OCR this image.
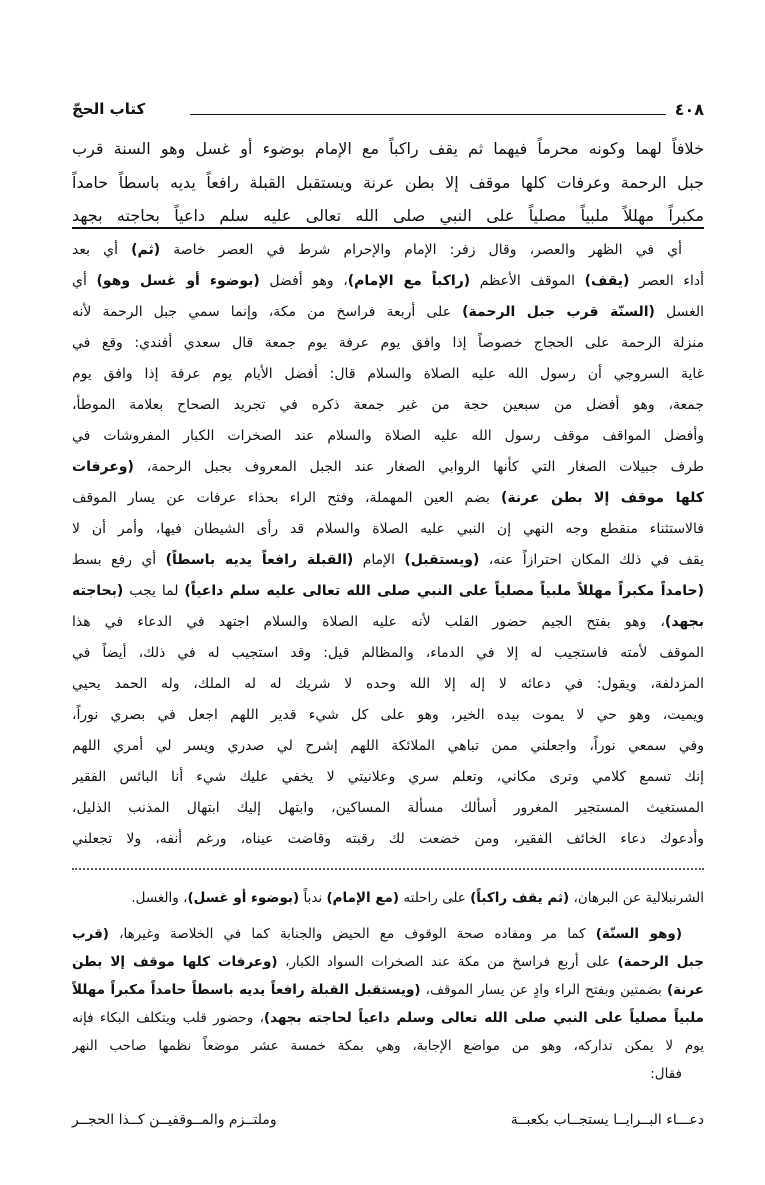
٤٠٨
كتاب الحجّ
خلافاً لهما وكونه محرماً فيهما ثم يقف راكباً مع الإمام بوضوء أو غسل وهو السنة قرب
جبل الرحمة وعرفات كلها موقف إلا بطن عرنة ويستقبل القبلة رافعاً يديه باسطاً حامداً
مكبراً مهللاً ملبياً مصلياً على النبي صلى الله تعالى عليه سلم داعياً بحاجته بجهد
أي في الظهر والعصر، وقال زفر: الإمام والإحرام شرط في العصر خاصة (ثم) أي بعد
أداء العصر (يقف) الموقف الأعظم (راكباً مع الإمام)، وهو أفضل (بوضوء أو غسل وهو) أي
الغسل (السنّة قرب جبل الرحمة) على أربعة فراسخ من مكة، وإنما سمي جبل الرحمة لأنه
منزلة الرحمة على الحجاج خصوصاً إذا وافق يوم عرفة يوم جمعة قال سعدي أفندي: وقع في
غاية السروجي أن رسول الله عليه الصلاة والسلام قال: أفضل الأيام يوم عرفة إذا وافق يوم
جمعة، وهو أفضل من سبعين حجة من غير جمعة ذكره في تجريد الصحاح بعلامة الموطأ،
وأفضل المواقف موقف رسول الله عليه الصلاة والسلام عند الصخرات الكبار المفروشات في
طرف جبيلات الصغار التي كأنها الروابي الصغار عند الجبل المعروف بجبل الرحمة، (وعرفات
كلها موقف إلا بطن عرنة) بضم العين المهملة، وفتح الراء بحذاء عرفات عن يسار الموقف
فالاستثناء منقطع وجه النهي إن النبي عليه الصلاة والسلام قد رأى الشيطان فيها، وأمر أن لا
يقف في ذلك المكان احترازاً عنه، (ويستقبل) الإمام (القبلة رافعاً يديه باسطاً) أي رفع بسط
(حامداً مكبراً مهللاً ملبياً مصلياً على النبي صلى الله تعالى عليه سلم داعياً) لما يجب (بحاجته
بجهد)، وهو بفتح الجيم حضور القلب لأنه عليه الصلاة والسلام اجتهد في الدعاء في هذا
الموقف لأمته فاستجيب له إلا في الدماء، والمظالم قيل: وقد استجيب له في ذلك، أيضاً في
المزدلفة، ويقول: في دعائه لا إله إلا الله وحده لا شريك له له الملك، وله الحمد يحيي
ويميت، وهو حي لا يموت بيده الخير، وهو على كل شيء قدير اللهم اجعل في بصري نوراً،
وفي سمعي نوراً، واجعلني ممن تباهي الملائكة اللهم إشرح لي صدري ويسر لي أمري اللهم
إنك تسمع كلامي وترى مكاني، وتعلم سري وعلانيتي لا يخفي عليك شيء أنا البائس الفقير
المستغيث المستجير المغرور أسألك مسألة المساكين، وابتهل إليك ابتهال المذنب الذليل،
وأدعوك دعاء الخائف الفقير، ومن خضعت لك رقبته وقاضت عيناه، ورغم أنفه، ولا تجعلني
الشرنبلالية عن البرهان، (ثم يقف راكباً) على راحلته (مع الإمام) ندباً (بوضوء أو غسل)، والغسل.
(وهو السنّة) كما مر ومفاده صحة الوقوف مع الحيض والجنابة كما في الخلاصة وغيرها، (قرب
جبل الرحمة) على أربع فراسخ من مكة عند الصخرات السواد الكبار، (وعرفات كلها موقف إلا بطن
عرنة) بضمتين وبفتح الراء وادٍ عن يسار الموقف، (ويستقبل القبلة رافعاً يديه باسطاً حامداً مكبراً مهللاً
ملبياً مصلياً على النبي صلى الله تعالى وسلم داعياً لحاجته بجهد)، وحضور قلب ويتكلف البكاء فإنه
يوم لا يمكن تداركه، وهو من مواضع الإجابة، وهي بمكة خمسة عشر موضعاً نظمها صاحب النهر
فقال:
دعـــاء البــرايــا يستجــاب بكعبــة
وملتــزم والمــوقفيــن كــذا الحجــر
